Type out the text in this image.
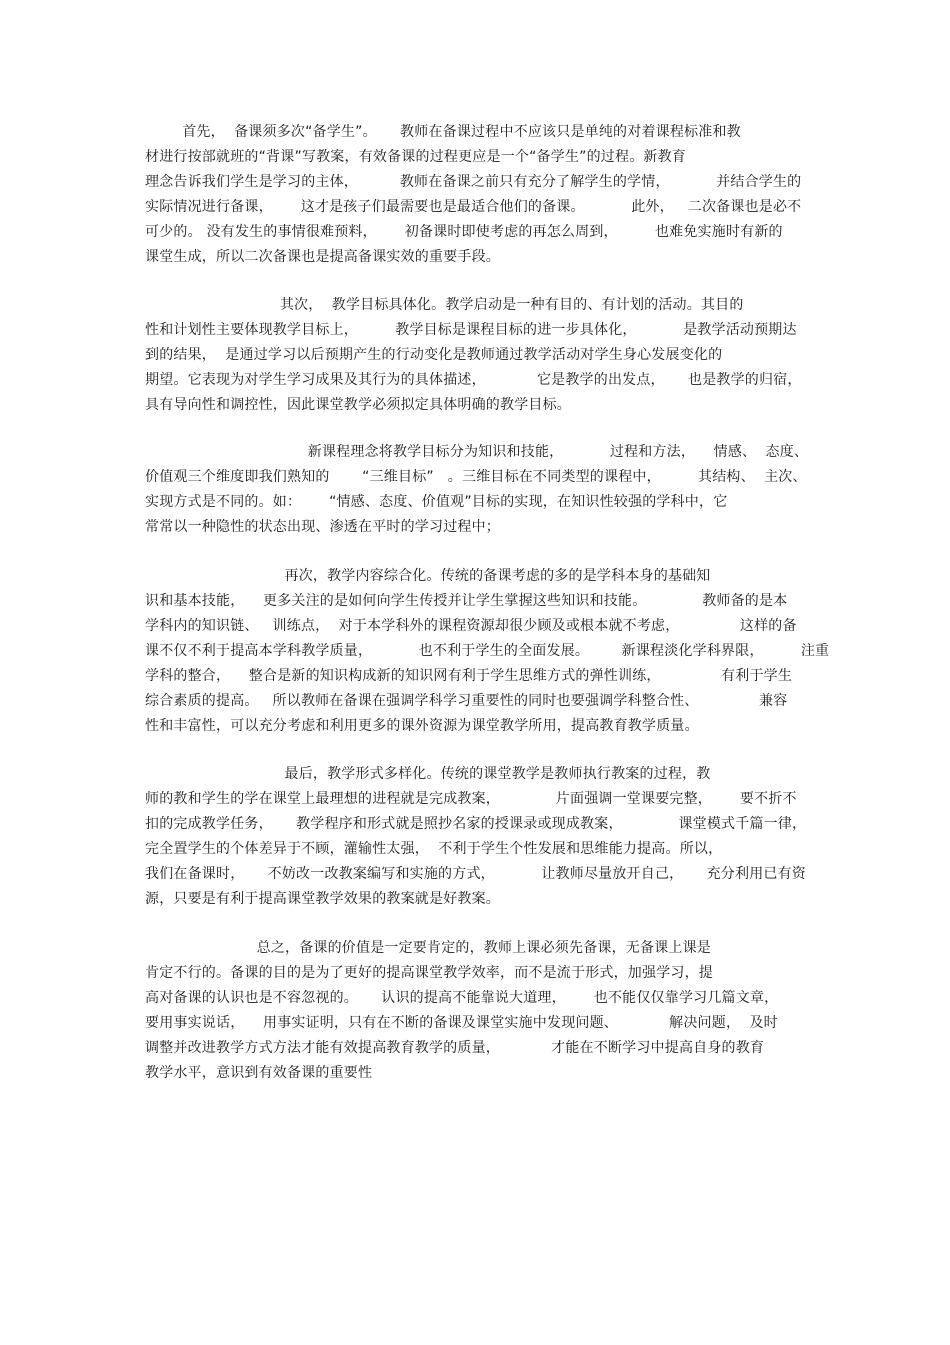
首先，  备课须多次“备学生”。     教师在备课过程中不应该只是单纯的对着课程标准和教
材进行按部就班的“背课”写教案，有效备课的过程更应是一个“备学生”的过程。新教育
理念告诉我们学生是学习的主体，         教师在备课之前只有充分了解学生的学情，          并结合学生的
实际情况进行备课，      这才是孩子们最需要也是最适合他们的备课。          此外，   二次备课也是必不
可少的。 没有发生的事情很难预料，      初备课时即使考虑的再怎么周到，        也难免实施时有新的
课堂生成，所以二次备课也是提高备课实效的重要手段。
其次，  教学目标具体化。教学启动是一种有目的、有计划的活动。其目的
性和计划性主要体现教学目标上，        教学目标是课程目标的进一步具体化，          是教学活动预期达
到的结果，  是通过学习以后预期产生的行动变化是教师通过教学活动对学生身心发展变化的
期望。它表现为对学生学习成果及其行为的具体描述，           它是教学的出发点，     也是教学的归宿，
具有导向性和调控性，因此课堂教学必须拟定具体明确的教学目标。
新课程理念将教学目标分为知识和技能，          过程和方法，    情感、  态度、
价值观三个维度即我们熟知的       “三维目标”   。三维目标在不同类型的课程中，        其结构、  主次、
实现方式是不同的。如：      “情感、态度、价值观”目标的实现，在知识性较强的学科中，它
常常以一种隐性的状态出现、渗透在平时的学习过程中；
再次，教学内容综合化。传统的备课考虑的多的是学科本身的基础知
识和基本技能，    更多关注的是如何向学生传授并让学生掌握这些知识和技能。            教师备的是本
学科内的知识链、   训练点，  对于本学科外的课程资源却很少顾及或根本就不考虑，             这样的备
课不仅不利于提高本学科教学质量，          也不利于学生的全面发展。       新课程淡化学科界限，        注重
学科的整合，    整合是新的知识构成新的知识网有利于学生思维方式的弹性训练，             有利于学生
综合素质的提高。   所以教师在备课在强调学科学习重要性的同时也要强调学科整合性、             兼容
性和丰富性，可以充分考虑和利用更多的课外资源为课堂教学所用，提高教育教学质量。
最后，教学形式多样化。传统的课堂教学是教师执行教案的过程，教
师的教和学生的学在课堂上最理想的进程就是完成教案，            片面强调一堂课要完整，      要不折不
扣的完成教学任务，     教学程序和形式就是照抄名家的授课录或现成教案，            课堂模式千篇一律，
完全置学生的个体差异于不顾，灌输性太强，  不利于学生个性发展和思维能力提高。所以，
我们在备课时，     不妨改一改教案编写和实施的方式，          让教师尽量放开自己，     充分利用已有资
源，只要是有利于提高课堂教学效果的教案就是好教案。
总之，备课的价值是一定要肯定的，教师上课必须先备课，无备课上课是
肯定不行的。备课的目的是为了更好的提高课堂教学效率，而不是流于形式，加强学习，提
高对备课的认识也是不容忽视的。     认识的提高不能靠说大道理，      也不能仅仅靠学习几篇文章，
要用事实说话，    用事实证明，只有在不断的备课及课堂实施中发现问题、           解决问题，  及时
调整并改进教学方式方法才能有效提高教育教学的质量，           才能在不断学习中提高自身的教育
教学水平，意识到有效备课的重要性
